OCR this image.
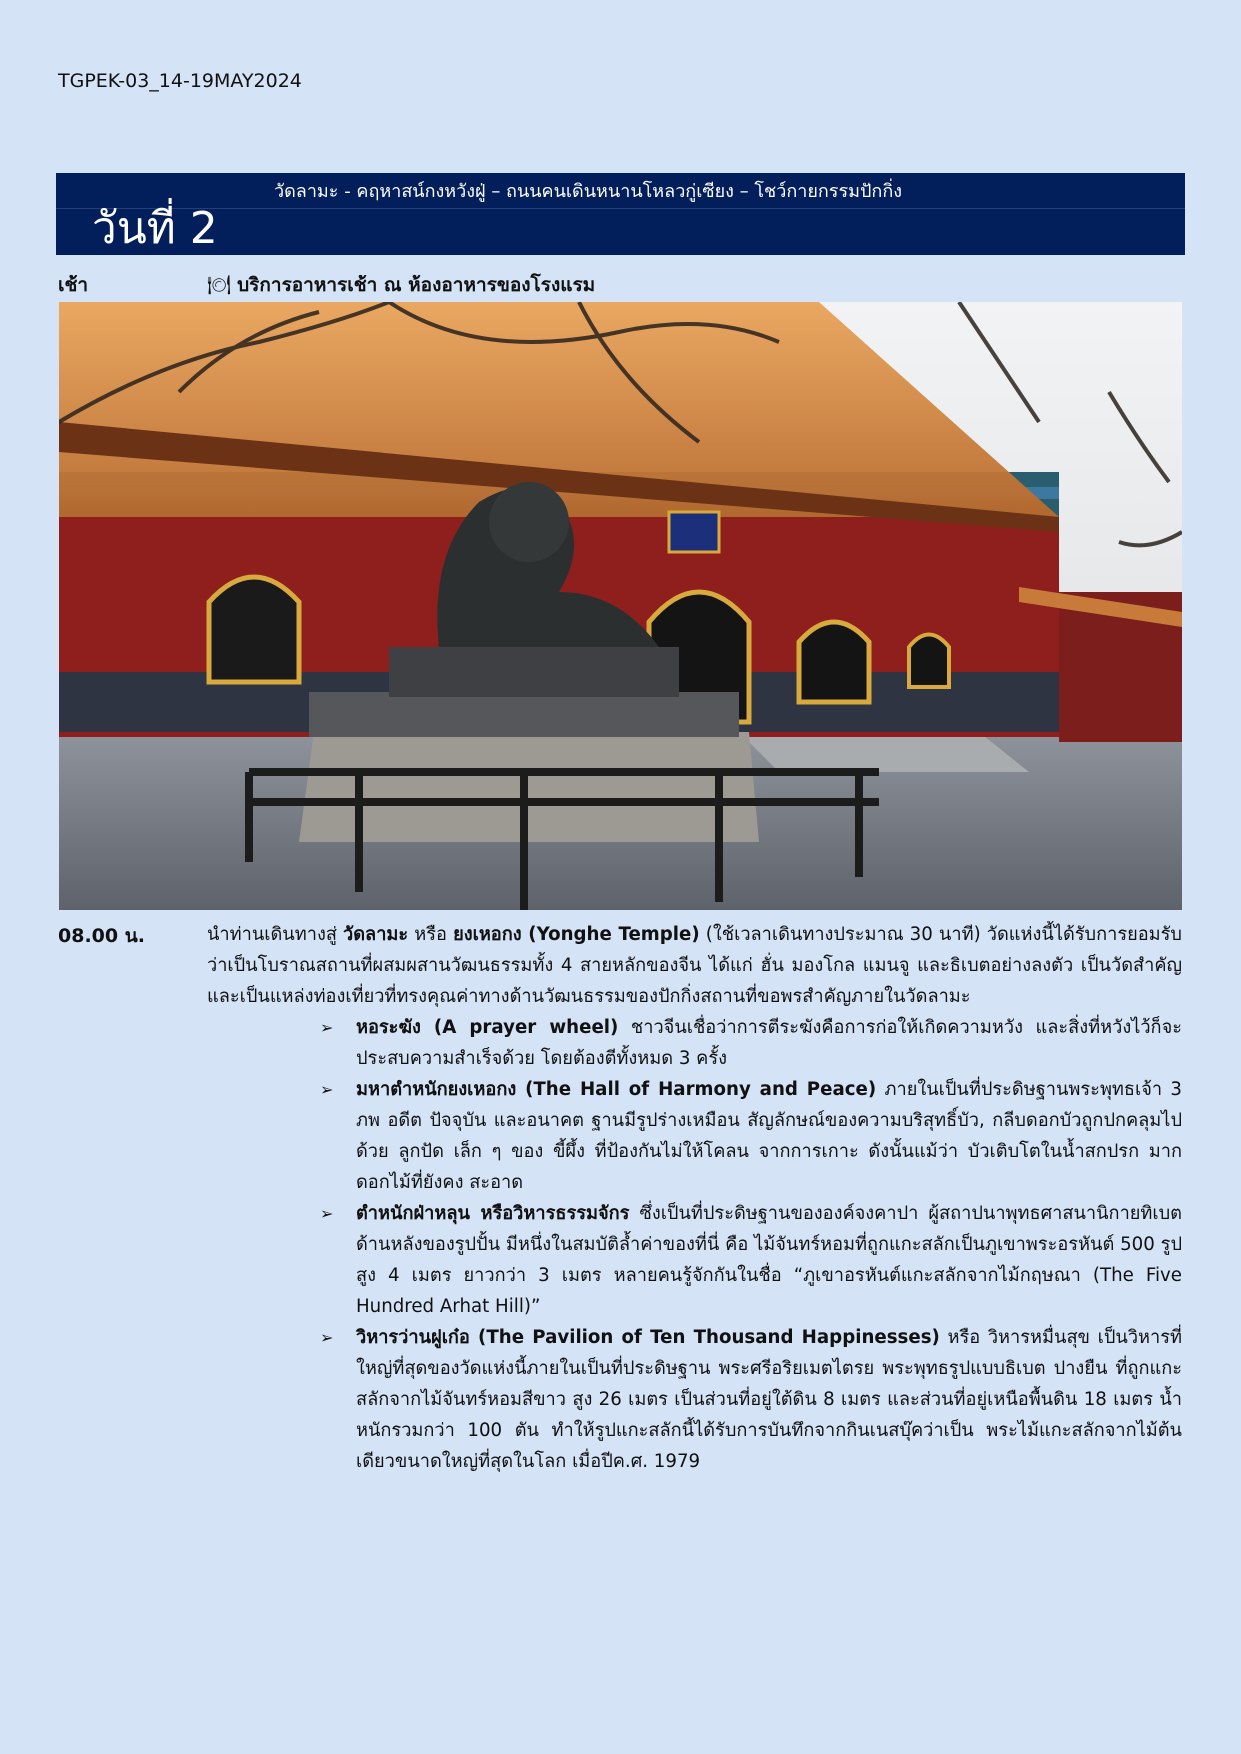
TGPEK-03_14-19MAY2024
วันที่ 2
วัดลามะ - คฤหาสน์กงหวังฝู่ – ถนนคนเดินหนานโหลวกู่เซียง – โชว์กายกรรมปักกิ่ง
เช้า	🍽 บริการอาหารเช้า ณ ห้องอาหารของโรงแรม
08.00 น.	นำท่านเดินทางสู่ วัดลามะ หรือ ยงเหอกง (Yonghe Temple) (ใช้เวลาเดินทางประมาณ 30 นาที) วัดแห่งนี้ได้รับการยอมรับว่าเป็นโบราณสถานที่ผสมผสานวัฒนธรรมทั้ง 4 สายหลักของจีน ได้แก่ ฮั่น มองโกล แมนจู และธิเบตอย่างลงตัว เป็นวัดสำคัญ และเป็นแหล่งท่องเที่ยวที่ทรงคุณค่าทางด้านวัฒนธรรมของปักกิ่งสถานที่ขอพรสำคัญภายในวัดลามะ
➢ หอระฆัง (A prayer wheel) ชาวจีนเชื่อว่าการตีระฆังคือการก่อให้เกิดความหวัง และสิ่งที่หวังไว้ก็จะประสบความสำเร็จด้วย โดยต้องตีทั้งหมด 3 ครั้ง
➢ มหาตำหนักยงเหอกง (The Hall of Harmony and Peace) ภายในเป็นที่ประดิษฐานพระพุทธเจ้า 3 ภพ อดีต ปัจจุบัน และอนาคต ฐานมีรูปร่างเหมือน สัญลักษณ์ของความบริสุทธิ์บัว, กลีบดอกบัวถูกปกคลุมไปด้วย ลูกปัด เล็ก ๆ ของ ขี้ผึ้ง ที่ป้องกันไม่ให้โคลน จากการเกาะ ดังนั้นแม้ว่า บัวเติบโตในน้ำสกปรก มาก ดอกไม้ที่ยังคง สะอาด
➢ ตำหนักฝ่าหลุน หรือวิหารธรรมจักร ซึ่งเป็นที่ประดิษฐานขององค์จงคาปา ผู้สถาปนาพุทธศาสนานิกายทิเบต ด้านหลังของรูปปั้น มีหนึ่งในสมบัติล้ำค่าของที่นี่ คือ ไม้จันทร์หอมที่ถูกแกะสลักเป็นภูเขาพระอรหันต์ 500 รูป สูง 4 เมตร ยาวกว่า 3 เมตร หลายคนรู้จักกันในชื่อ “ภูเขาอรหันต์แกะสลักจากไม้กฤษณา (The Five Hundred Arhat Hill)”
➢ วิหารว่านฝูเก๋อ (The Pavilion of Ten Thousand Happinesses) หรือ วิหารหมื่นสุข เป็นวิหารที่ใหญ่ที่สุดของวัดแห่งนี้ภายในเป็นที่ประดิษฐาน พระศรีอริยเมตไตรย พระพุทธรูปแบบธิเบต ปางยืน ที่ถูกแกะสลักจากไม้จันทร์หอมสีขาว สูง 26 เมตร เป็นส่วนที่อยู่ใต้ดิน 8 เมตร และส่วนที่อยู่เหนือพื้นดิน 18 เมตร น้ำหนักรวมกว่า 100 ตัน ทำให้รูปแกะสลักนี้ได้รับการบันทึกจากกินเนสบุ๊คว่าเป็น พระไม้แกะสลักจากไม้ต้นเดียวขนาดใหญ่ที่สุดในโลก เมื่อปีค.ศ. 1979
